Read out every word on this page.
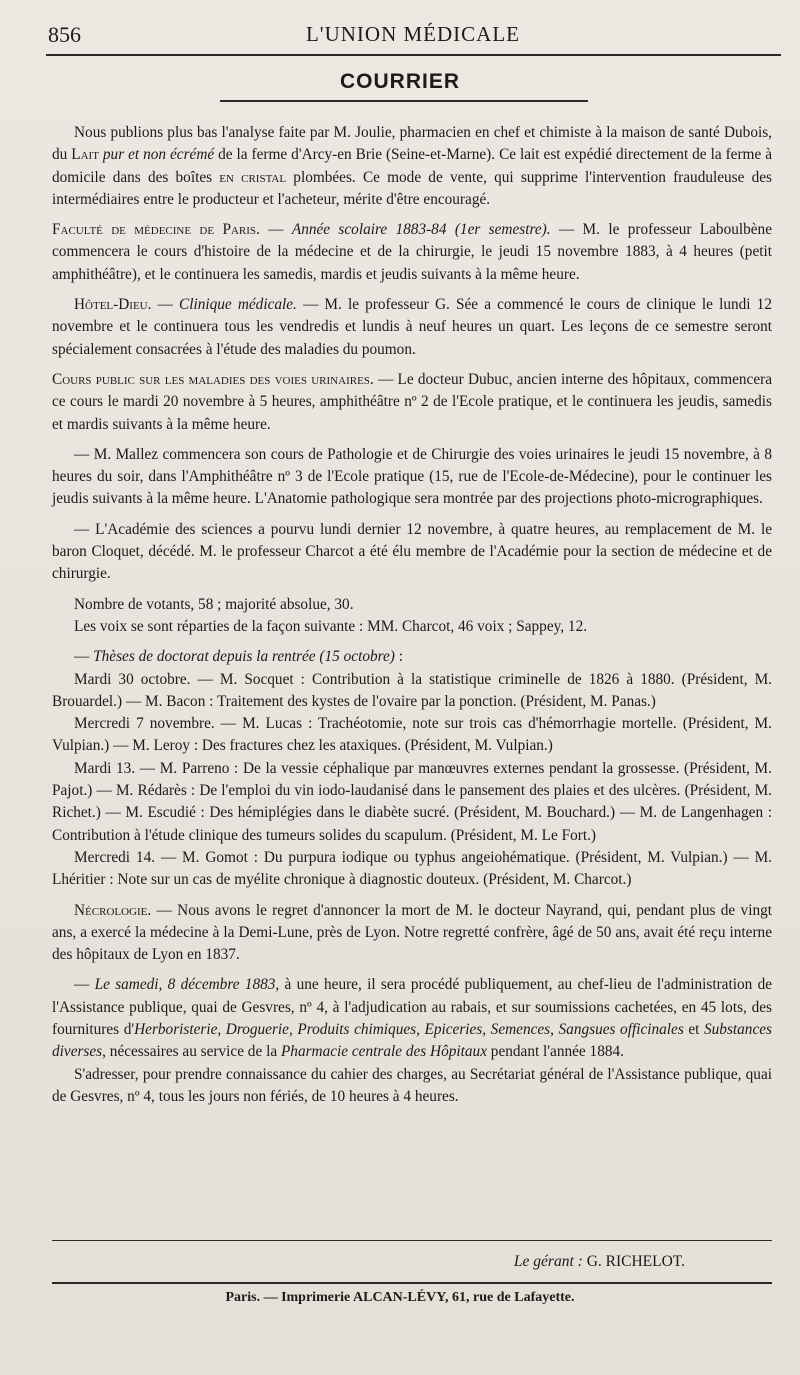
856	L'UNION MÉDICALE
COURRIER

Nous publions plus bas l'analyse faite par M. Joulie, pharmacien en chef et chimiste à la maison de santé Dubois, du Lait pur et non écrémé de la ferme d'Arcy-en Brie (Seine-et-Marne). Ce lait est expédié directement de la ferme à domicile dans des boîtes en cristal plombées. Ce mode de vente, qui supprime l'intervention frauduleuse des intermédiaires entre le producteur et l'acheteur, mérite d'être encouragé.

Faculté de médecine de Paris. — Année scolaire 1883-84 (1er semestre). — M. le professeur Laboulbène commencera le cours d'histoire de la médecine et de la chirurgie, le jeudi 15 novembre 1883, à 4 heures (petit amphithéâtre), et le continuera les samedis, mardis et jeudis suivants à la même heure.

Hôtel-Dieu. — Clinique médicale. — M. le professeur G. Sée a commencé le cours de clinique le lundi 12 novembre et le continuera tous les vendredis et lundis à neuf heures un quart. Les leçons de ce semestre seront spécialement consacrées à l'étude des maladies du poumon.

Cours public sur les maladies des voies urinaires. — Le docteur Dubuc, ancien interne des hôpitaux, commencera ce cours le mardi 20 novembre à 5 heures, amphithéâtre nº 2 de l'Ecole pratique, et le continuera les jeudis, samedis et mardis suivants à la même heure.

— M. Mallez commencera son cours de Pathologie et de Chirurgie des voies urinaires le jeudi 15 novembre, à 8 heures du soir, dans l'Amphithéâtre nº 3 de l'Ecole pratique (15, rue de l'Ecole-de-Médecine), pour le continuer les jeudis suivants à la même heure. L'Anatomie pathologique sera montrée par des projections photo-micrographiques.

— L'Académie des sciences a pourvu lundi dernier 12 novembre, à quatre heures, au remplacement de M. le baron Cloquet, décédé. M. le professeur Charcot a été élu membre de l'Académie pour la section de médecine et de chirurgie.

Nombre de votants, 58 ; majorité absolue, 30.

Les voix se sont réparties de la façon suivante : MM. Charcot, 46 voix ; Sappey, 12.

— Thèses de doctorat depuis la rentrée (15 octobre) :

Mardi 30 octobre. — M. Socquet : Contribution à la statistique criminelle de 1826 à 1880. (Président, M. Brouardel.) — M. Bacon : Traitement des kystes de l'ovaire par la ponction. (Président, M. Panas.)

Mercredi 7 novembre. — M. Lucas : Trachéotomie, note sur trois cas d'hémorrhagie mortelle. (Président, M. Vulpian.) — M. Leroy : Des fractures chez les ataxiques. (Président, M. Vulpian.)

Mardi 13. — M. Parreno : De la vessie céphalique par manœuvres externes pendant la grossesse. (Président, M. Pajot.) — M. Rédarès : De l'emploi du vin iodo-laudanisé dans le pansement des plaies et des ulcères. (Président, M. Richet.) — M. Escudié : Des hémiplégies dans le diabète sucré. (Président, M. Bouchard.) — M. de Langenhagen : Contribution à l'étude clinique des tumeurs solides du scapulum. (Président, M. Le Fort.)

Mercredi 14. — M. Gomot : Du purpura iodique ou typhus angeiohématique. (Président, M. Vulpian.) — M. Lhéritier : Note sur un cas de myélite chronique à diagnostic douteux. (Président, M. Charcot.)

Nécrologie. — Nous avons le regret d'annoncer la mort de M. le docteur Nayrand, qui, pendant plus de vingt ans, a exercé la médecine à la Demi-Lune, près de Lyon. Notre regretté confrère, âgé de 50 ans, avait été reçu interne des hôpitaux de Lyon en 1837.

— Le samedi, 8 décembre 1883, à une heure, il sera procédé publiquement, au chef-lieu de l'administration de l'Assistance publique, quai de Gesvres, nº 4, à l'adjudication au rabais, et sur soumissions cachetées, en 45 lots, des fournitures d'Herboristerie, Droguerie, Produits chimiques, Epiceries, Semences, Sangsues officinales et Substances diverses, nécessaires au service de la Pharmacie centrale des Hôpitaux pendant l'année 1884.

S'adresser, pour prendre connaissance du cahier des charges, au Secrétariat général de l'Assistance publique, quai de Gesvres, nº 4, tous les jours non fériés, de 10 heures à 4 heures.

Le gérant : G. RICHELOT.
Paris. — Imprimerie ALCAN-LÉVY, 61, rue de Lafayette.
